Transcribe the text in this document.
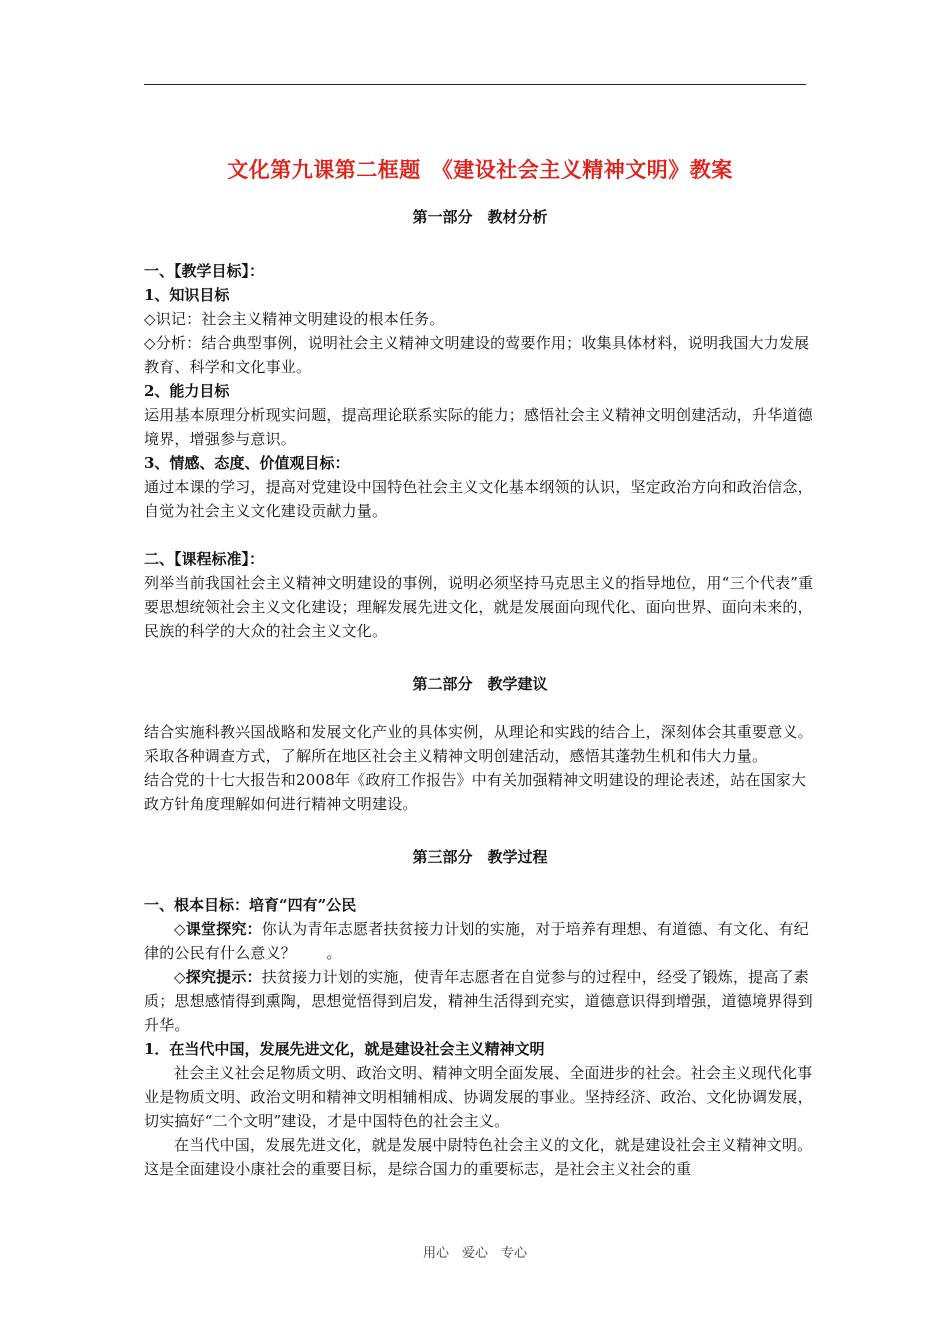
文化第九课第二框题　《建设社会主义精神文明》教案
第一部分　教材分析

一、【教学目标】：

1、知识目标

◇识记：社会主义精神文明建设的根本任务。

◇分析：结合典型事例，说明社会主义精神文明建设的莺要作用；收集具体材料，说明我国大力发展教育、科学和文化事业。

2、能力目标

运用基本原理分析现实问题，提高理论联系实际的能力；感悟社会主义精神文明创建活动，升华道德境界，增强参与意识。

3、情感、态度、价值观目标：

通过本课的学习，提高对党建设中国特色社会主义文化基本纲领的认识，坚定政治方向和政治信念，自觉为社会主义文化建设贡献力量。

二、【课程标准】：

列举当前我国社会主义精神文明建设的事例，说明必须坚持马克思主义的指导地位，用“三个代表”重要思想统领社会主义文化建设；理解发展先进文化，就是发展面向现代化、面向世界、面向未来的，民族的科学的大众的社会主义文化。

第二部分　教学建议

结合实施科教兴国战略和发展文化产业的具体实例，从理论和实践的结合上，深刻体会其重要意义。

采取各种调查方式，了解所在地区社会主义精神文明创建活动，感悟其蓬勃生机和伟大力量。

结合党的十七大报告和2008年《政府工作报告》中有关加强精神文明建设的理论表述，站在国家大政方针角度理解如何进行精神文明建设。

第三部分　教学过程

一、根本目标：培育“四有”公民

◇课堂探究：你认为青年志愿者扶贫接力计划的实施，对于培养有理想、有道德、有文化、有纪律的公民有什么意义？　　。

◇探究提示：扶贫接力计划的实施，使青年志愿者在自觉参与的过程中，经受了锻炼，提高了素质；思想感情得到熏陶，思想觉悟得到启发，精神生活得到充实，道德意识得到增强，道德境界得到升华。

1．在当代中国，发展先进文化，就是建设社会主义精神文明

社会主义社会足物质文明、政治文明、精神文明全面发展、全面进步的社会。社会主义现代化事业是物质文明、政治文明和精神文明相辅相成、协调发展的事业。坚持经济、政治、文化协调发展，切实搞好“二个文明”建设，才是中国特色的社会主义。

在当代中国，发展先进文化，就是发展中尉特色社会主义的文化，就是建设社会主义精神文明。这是全面建设小康社会的重要目标，是综合国力的重要标志，是社会主义社会的重

用心　爱心　专心
